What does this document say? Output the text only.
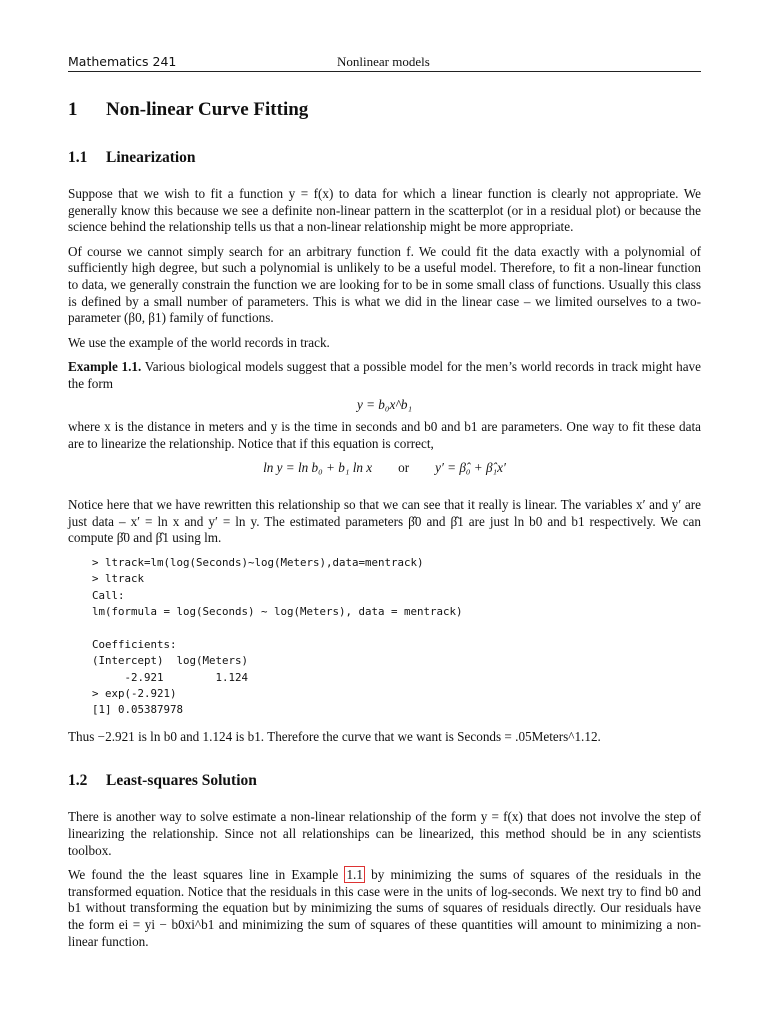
Mathematics 241	Nonlinear models
1 Non-linear Curve Fitting
1.1 Linearization

Suppose that we wish to fit a function y = f(x) to data for which a linear function is clearly not appropriate. We generally know this because we see a definite non-linear pattern in the scatterplot (or in a residual plot) or because the science behind the relationship tells us that a non-linear relationship might be more appropriate.

Of course we cannot simply search for an arbitrary function f. We could fit the data exactly with a polynomial of sufficiently high degree, but such a polynomial is unlikely to be a useful model. Therefore, to fit a non-linear function to data, we generally constrain the function we are looking for to be in some small class of functions. Usually this class is defined by a small number of parameters. This is what we did in the linear case – we limited ourselves to a two-parameter (β0, β1) family of functions.

We use the example of the world records in track.

Example 1.1. Various biological models suggest that a possible model for the men’s world records in track might have the form

y = b₀x^b₁

where x is the distance in meters and y is the time in seconds and b0 and b1 are parameters. One way to fit these data are to linearize the relationship. Notice that if this equation is correct,

ln y = ln b₀ + b₁ ln x or y′ = β̂₀ + β̂₁x′

Notice here that we have rewritten this relationship so that we can see that it really is linear. The variables x′ and y′ are just data – x′ = ln x and y′ = ln y. The estimated parameters β̂0 and β̂1 are just ln b0 and b1 respectively. We can compute β̂0 and β̂1 using lm.

> ltrack=lm(log(Seconds)~log(Meters),data=mentrack)
> ltrack
Call:
lm(formula = log(Seconds) ~ log(Meters), data = mentrack)

Coefficients:
(Intercept)  log(Meters)
-2.921        1.124
> exp(-2.921)
[1] 0.05387978

Thus −2.921 is ln b0 and 1.124 is b1. Therefore the curve that we want is Seconds = .05Meters^1.12.

1.2 Least-squares Solution

There is another way to solve estimate a non-linear relationship of the form y = f(x) that does not involve the step of linearizing the relationship. Since not all relationships can be linearized, this method should be in any scientists toolbox.

We found the the least squares line in Example 1.1 by minimizing the sums of squares of the residuals in the transformed equation. Notice that the residuals in this case were in the units of log-seconds. We next try to find b0 and b1 without transforming the equation but by minimizing the sums of squares of residuals directly. Our residuals have the form ei = yi − b0xi^b1 and minimizing the sum of squares of these quantities will amount to minimizing a non-linear function.
